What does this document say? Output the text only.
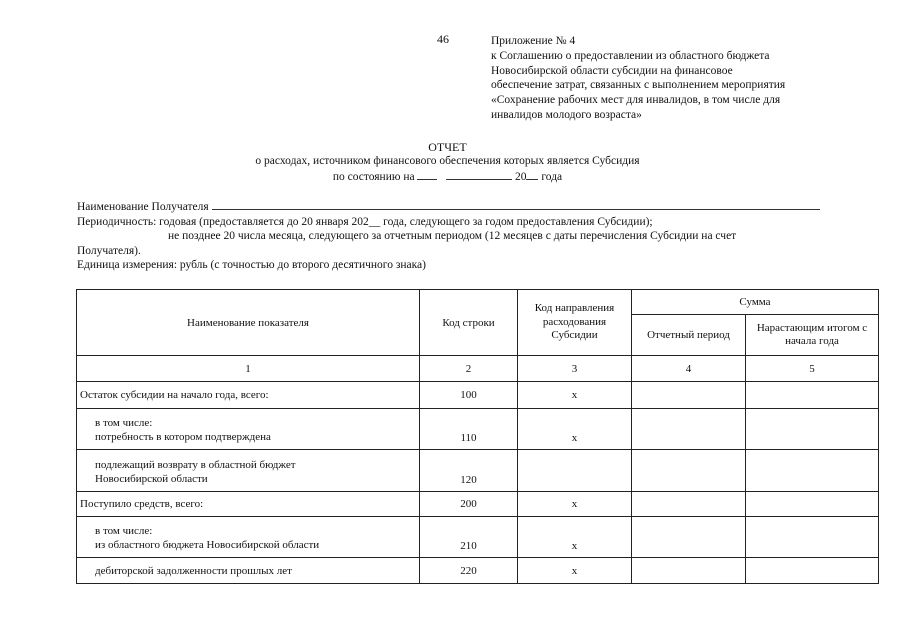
46	Приложение № 4
к Соглашению о предоставлении из областного бюджета
Новосибирской области субсидии на финансовое
обеспечение затрат, связанных с выполнением мероприятия
«Сохранение рабочих мест для инвалидов, в том числе для
инвалидов молодого возраста»
ОТЧЕТ
о расходах, источником финансового обеспечения которых является Субсидия
по состоянию на	20 года
Наименование Получателя
Периодичность: годовая (предоставляется до 20 января 202__ года, следующего за годом предоставления Субсидии);
не позднее 20 числа месяца, следующего за отчетным периодом (12 месяцев с даты перечисления Субсидии на счет
Получателя).
Единица измерения: рубль (с точностью до второго десятичного знака)
Наименование показателя	Код строки	Код направления расходования Субсидии	Сумма	
			Отчетный период	Нарастающим итогом с начала года
1	2	3	4	5
Остаток субсидии на начало года, всего:	100	x		

в том числе:
потребность в котором подтверждена	110	x		

подлежащий возврату в областной бюджет
Новосибирской области	120			
Поступило средств, всего:	200	x		

в том числе:
из областного бюджета Новосибирской области	210	x		
дебиторской задолженности прошлых лет	220	x		
